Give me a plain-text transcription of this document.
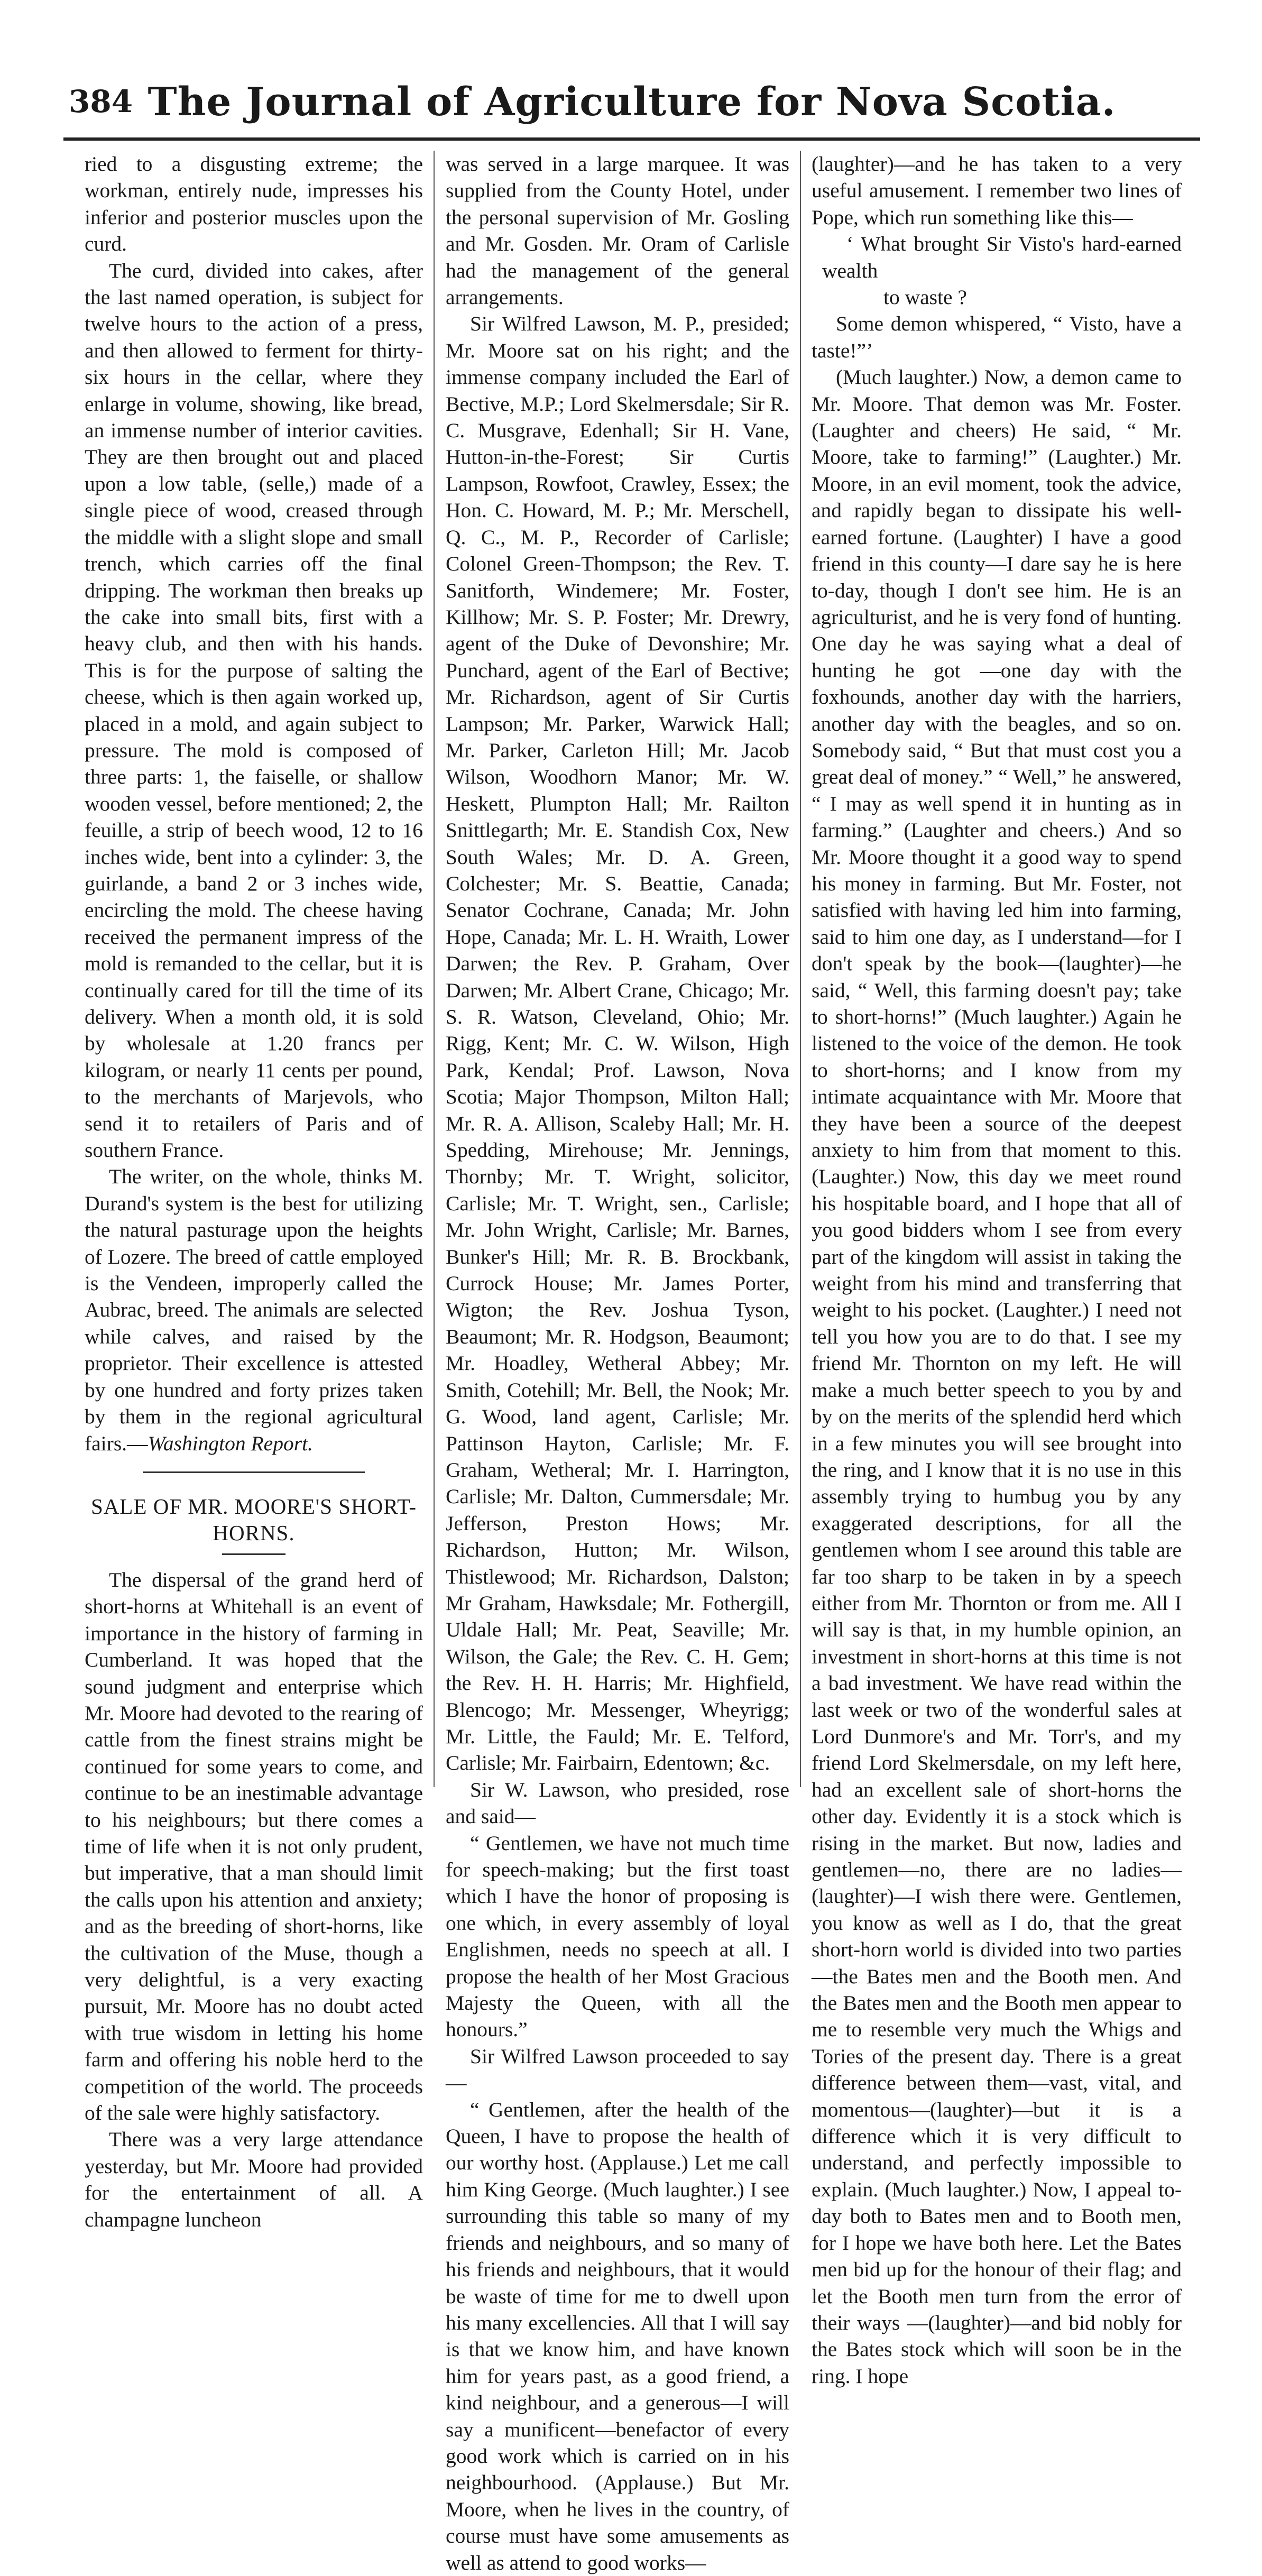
384 The Journal of Agriculture for Nova Scotia.

ried to a disgusting extreme; the workman, entirely nude, impresses his inferior and posterior muscles upon the curd.

The curd, divided into cakes, after the last named operation, is subject for twelve hours to the action of a press, and then allowed to ferment for thirty-six hours in the cellar, where they enlarge in volume, showing, like bread, an immense number of interior cavities. They are then brought out and placed upon a low table, (selle,) made of a single piece of wood, creased through the middle with a slight slope and small trench, which carries off the final dripping. The workman then breaks up the cake into small bits, first with a heavy club, and then with his hands. This is for the purpose of salting the cheese, which is then again worked up, placed in a mold, and again subject to pressure. The mold is composed of three parts: 1, the faiselle, or shallow wooden vessel, before mentioned; 2, the feuille, a strip of beech wood, 12 to 16 inches wide, bent into a cylinder: 3, the guirlande, a band 2 or 3 inches wide, encircling the mold. The cheese having received the permanent impress of the mold is remanded to the cellar, but it is continually cared for till the time of its delivery. When a month old, it is sold by wholesale at 1.20 francs per kilogram, or nearly 11 cents per pound, to the merchants of Marjevols, who send it to retailers of Paris and of southern France.

The writer, on the whole, thinks M. Durand's system is the best for utilizing the natural pasturage upon the heights of Lozere. The breed of cattle employed is the Vendeen, improperly called the Aubrac, breed. The animals are selected while calves, and raised by the proprietor. Their excellence is attested by one hundred and forty prizes taken by them in the regional agricultural fairs.—Washington Report.

SALE OF MR. MOORE'S SHORT-HORNS.

The dispersal of the grand herd of short-horns at Whitehall is an event of importance in the history of farming in Cumberland. It was hoped that the sound judgment and enterprise which Mr. Moore had devoted to the rearing of cattle from the finest strains might be continued for some years to come, and continue to be an inestimable advantage to his neighbours; but there comes a time of life when it is not only prudent, but imperative, that a man should limit the calls upon his attention and anxiety; and as the breeding of short-horns, like the cultivation of the Muse, though a very delightful, is a very exacting pursuit, Mr. Moore has no doubt acted with true wisdom in letting his home farm and offering his noble herd to the competition of the world. The proceeds of the sale were highly satisfactory.

There was a very large attendance yesterday, but Mr. Moore had provided for the entertainment of all. A champagne luncheon

was served in a large marquee. It was supplied from the County Hotel, under the personal supervision of Mr. Gosling and Mr. Gosden. Mr. Oram of Carlisle had the management of the general arrangements.

Sir Wilfred Lawson, M. P., presided; Mr. Moore sat on his right; and the immense company included the Earl of Bective, M.P.; Lord Skelmersdale; Sir R. C. Musgrave, Edenhall; Sir H. Vane, Hutton-in-the-Forest; Sir Curtis Lampson, Rowfoot, Crawley, Essex; the Hon. C. Howard, M. P.; Mr. Merschell, Q. C., M. P., Recorder of Carlisle; Colonel Green-Thompson; the Rev. T. Sanitforth, Windemere; Mr. Foster, Killhow; Mr. S. P. Foster; Mr. Drewry, agent of the Duke of Devonshire; Mr. Punchard, agent of the Earl of Bective; Mr. Richardson, agent of Sir Curtis Lampson; Mr. Parker, Warwick Hall; Mr. Parker, Carleton Hill; Mr. Jacob Wilson, Woodhorn Manor; Mr. W. Heskett, Plumpton Hall; Mr. Railton Snittlegarth; Mr. E. Standish Cox, New South Wales; Mr. D. A. Green, Colchester; Mr. S. Beattie, Canada; Senator Cochrane, Canada; Mr. John Hope, Canada; Mr. L. H. Wraith, Lower Darwen; the Rev. P. Graham, Over Darwen; Mr. Albert Crane, Chicago; Mr. S. R. Watson, Cleveland, Ohio; Mr. Rigg, Kent; Mr. C. W. Wilson, High Park, Kendal; Prof. Lawson, Nova Scotia; Major Thompson, Milton Hall; Mr. R. A. Allison, Scaleby Hall; Mr. H. Spedding, Mirehouse; Mr. Jennings, Thornby; Mr. T. Wright, solicitor, Carlisle; Mr. T. Wright, sen., Carlisle; Mr. John Wright, Carlisle; Mr. Barnes, Bunker's Hill; Mr. R. B. Brockbank, Currock House; Mr. James Porter, Wigton; the Rev. Joshua Tyson, Beaumont; Mr. R. Hodgson, Beaumont; Mr. Hoadley, Wetheral Abbey; Mr. Smith, Cotehill; Mr. Bell, the Nook; Mr. G. Wood, land agent, Carlisle; Mr. Pattinson Hayton, Carlisle; Mr. F. Graham, Wetheral; Mr. I. Harrington, Carlisle; Mr. Dalton, Cummersdale; Mr. Jefferson, Preston Hows; Mr. Richardson, Hutton; Mr. Wilson, Thistlewood; Mr. Richardson, Dalston; Mr Graham, Hawksdale; Mr. Fothergill, Uldale Hall; Mr. Peat, Seaville; Mr. Wilson, the Gale; the Rev. C. H. Gem; the Rev. H. H. Harris; Mr. Highfield, Blencogo; Mr. Messenger, Wheyrigg; Mr. Little, the Fauld; Mr. E. Telford, Carlisle; Mr. Fairbairn, Edentown; &c.

Sir W. Lawson, who presided, rose and said—

“ Gentlemen, we have not much time for speech-making; but the first toast which I have the honor of proposing is one which, in every assembly of loyal Englishmen, needs no speech at all. I propose the health of her Most Gracious Majesty the Queen, with all the honours.”

Sir Wilfred Lawson proceeded to say—

“ Gentlemen, after the health of the Queen, I have to propose the health of our worthy host. (Applause.) Let me call him King George. (Much laughter.) I see surrounding this table so many of my friends and neighbours, and so many of his friends and neighbours, that it would be waste of time for me to dwell upon his many excellencies. All that I will say is that we know him, and have known him for years past, as a good friend, a kind neighbour, and a generous—I will say a munificent—benefactor of every good work which is carried on in his neighbourhood. (Applause.) But Mr. Moore, when he lives in the country, of course must have some amusements as well as attend to good works—

(laughter)—and he has taken to a very useful amusement. I remember two lines of Pope, which run something like this—

‘ What brought Sir Visto's hard-earned wealth

to waste ?

Some demon whispered, “ Visto, have a taste!”’

(Much laughter.) Now, a demon came to Mr. Moore. That demon was Mr. Foster. (Laughter and cheers) He said, “ Mr. Moore, take to farming!” (Laughter.) Mr. Moore, in an evil moment, took the advice, and rapidly began to dissipate his well-earned fortune. (Laughter) I have a good friend in this county—I dare say he is here to-day, though I don't see him. He is an agriculturist, and he is very fond of hunting. One day he was saying what a deal of hunting he got —one day with the foxhounds, another day with the harriers, another day with the beagles, and so on. Somebody said, “ But that must cost you a great deal of money.” “ Well,” he answered, “ I may as well spend it in hunting as in farming.” (Laughter and cheers.) And so Mr. Moore thought it a good way to spend his money in farming. But Mr. Foster, not satisfied with having led him into farming, said to him one day, as I understand—for I don't speak by the book—(laughter)—he said, “ Well, this farming doesn't pay; take to short-horns!” (Much laughter.) Again he listened to the voice of the demon. He took to short-horns; and I know from my intimate acquaintance with Mr. Moore that they have been a source of the deepest anxiety to him from that moment to this. (Laughter.) Now, this day we meet round his hospitable board, and I hope that all of you good bidders whom I see from every part of the kingdom will assist in taking the weight from his mind and transferring that weight to his pocket. (Laughter.) I need not tell you how you are to do that. I see my friend Mr. Thornton on my left. He will make a much better speech to you by and by on the merits of the splendid herd which in a few minutes you will see brought into the ring, and I know that it is no use in this assembly trying to humbug you by any exaggerated descriptions, for all the gentlemen whom I see around this table are far too sharp to be taken in by a speech either from Mr. Thornton or from me. All I will say is that, in my humble opinion, an investment in short-horns at this time is not a bad investment. We have read within the last week or two of the wonderful sales at Lord Dunmore's and Mr. Torr's, and my friend Lord Skelmersdale, on my left here, had an excellent sale of short-horns the other day. Evidently it is a stock which is rising in the market. But now, ladies and gentlemen—no, there are no ladies—(laughter)—I wish there were. Gentlemen, you know as well as I do, that the great short-horn world is divided into two parties—the Bates men and the Booth men. And the Bates men and the Booth men appear to me to resemble very much the Whigs and Tories of the present day. There is a great difference between them—vast, vital, and momentous—(laughter)—but it is a difference which it is very difficult to understand, and perfectly impossible to explain. (Much laughter.) Now, I appeal to-day both to Bates men and to Booth men, for I hope we have both here. Let the Bates men bid up for the honour of their flag; and let the Booth men turn from the error of their ways —(laughter)—and bid nobly for the Bates stock which will soon be in the ring. I hope
